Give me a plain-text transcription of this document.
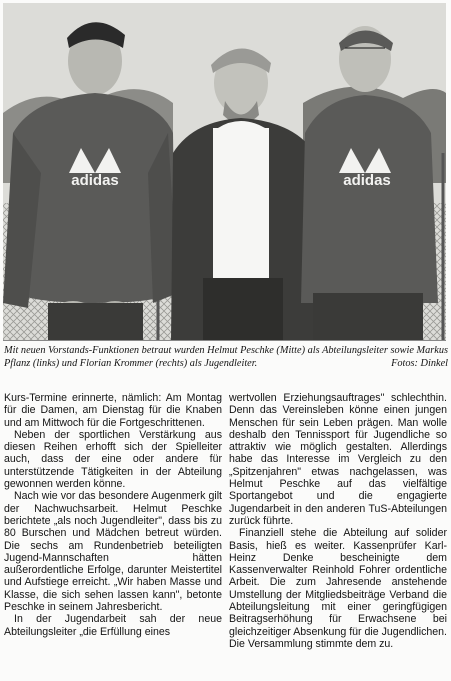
adidas	adidas
Mit neuen Vorstands-Funktionen betraut wurden Helmut Peschke (Mitte) als Abteilungsleiter sowie Markus Pflanz (links) und Florian Krommer (rechts) als Jugendleiter.	Fotos: Dinkel

Kurs-Termine erinnerte, nämlich: Am Montag für die Damen, am Dienstag für die Knaben und am Mittwoch für die Fortgeschrittenen.

Neben der sportlichen Verstärkung aus diesen Reihen erhofft sich der Spielleiter auch, dass der eine oder andere für unterstützende Tätigkeiten in der Abteilung gewonnen werden könne.

Nach wie vor das besondere Augenmerk gilt der Nachwuchsarbeit. Helmut Peschke berichtete „als noch Jugendleiter", dass bis zu 80 Burschen und Mädchen betreut würden. Die sechs am Rundenbetrieb beteiligten Jugend-Mannschaften hätten außerordentliche Erfolge, darunter Meistertitel und Aufstiege erreicht. „Wir haben Masse und Klasse, die sich sehen lassen kann", betonte Peschke in seinem Jahresbericht.

In der Jugendarbeit sah der neue Abteilungsleiter „die Erfüllung eines

wertvollen Erziehungsauftrages" schlechthin. Denn das Vereinsleben könne einen jungen Menschen für sein Leben prägen. Man wolle deshalb den Tennissport für Jugendliche so attraktiv wie möglich gestalten. Allerdings habe das Interesse im Vergleich zu den „Spitzenjahren" etwas nachgelassen, was Helmut Peschke auf das vielfältige Sportangebot und die engagierte Jugendarbeit in den anderen TuS-Abteilungen zurück führte.

Finanziell stehe die Abteilung auf solider Basis, hieß es weiter. Kassenprüfer Karl-Heinz Denke bescheinigte dem Kassenverwalter Reinhold Fohrer ordentliche Arbeit. Die zum Jahresende anstehende Umstellung der Mitgliedsbeiträge Verband die Abteilungsleitung mit einer geringfügigen Beitragserhöhung für Erwachsene bei gleichzeitiger Absenkung für die Jugendlichen. Die Versammlung stimmte dem zu.
